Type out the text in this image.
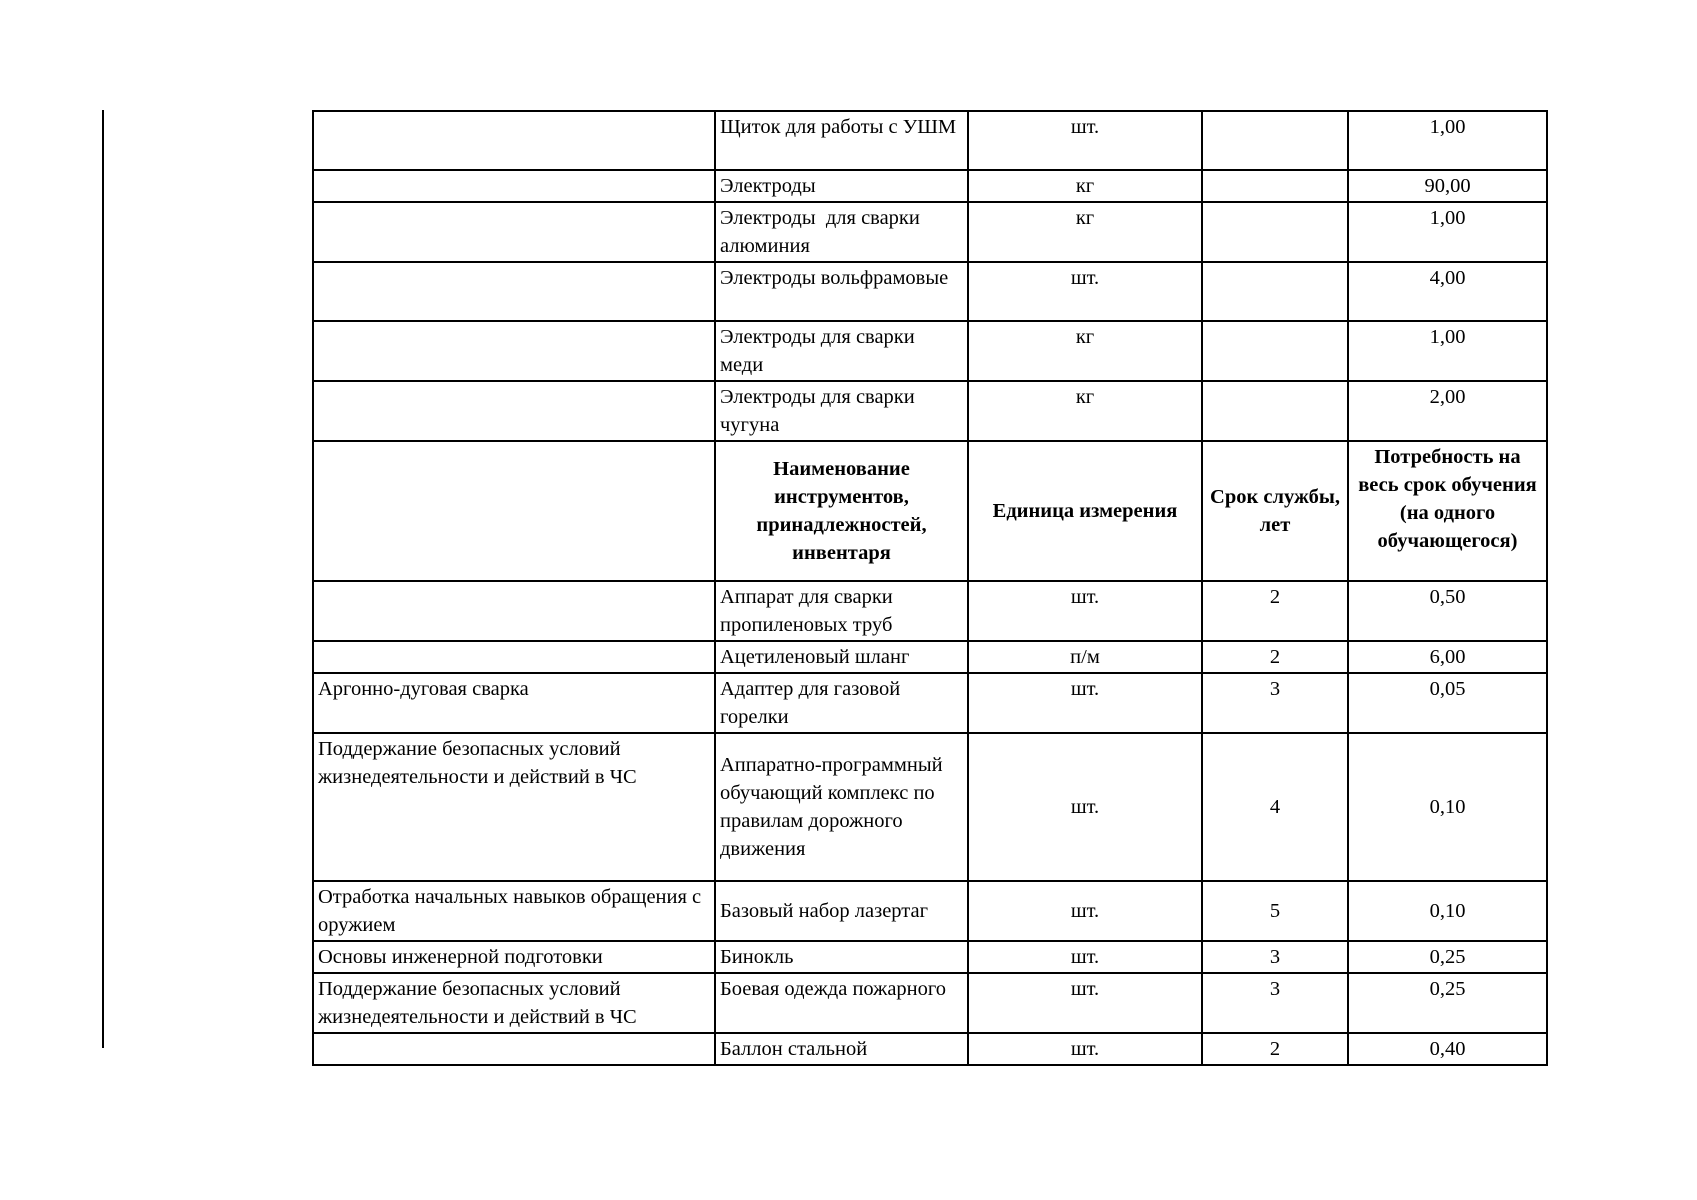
	Щиток для работы с УШМ	шт.		1,00
	Электроды	кг		90,00
	Электроды  для сварки алюминия	кг		1,00
	Электроды вольфрамовые	шт.		4,00
	Электроды для сварки меди	кг		1,00
	Электроды для сварки чугуна	кг		2,00
	Наименование инструментов, принадлежностей, инвентаря	Единица измерения	Срок службы, лет	Потребность на весь срок обучения (на одного обучающегося)
	Аппарат для сварки пропиленовых труб	шт.	2	0,50
	Ацетиленовый шланг	п/м	2	6,00
Аргонно-дуговая сварка	Адаптер для газовой горелки	шт.	3	0,05
Поддержание безопасных условий жизнедеятельности и действий в ЧС	Аппаратно-программный обучающий комплекс по правилам дорожного движения	шт.	4	0,10
Отработка начальных навыков обращения с оружием	Базовый набор лазертаг	шт.	5	0,10
Основы инженерной подготовки	Бинокль	шт.	3	0,25
Поддержание безопасных условий жизнедеятельности и действий в ЧС	Боевая одежда пожарного	шт.	3	0,25
	Баллон стальной	шт.	2	0,40
